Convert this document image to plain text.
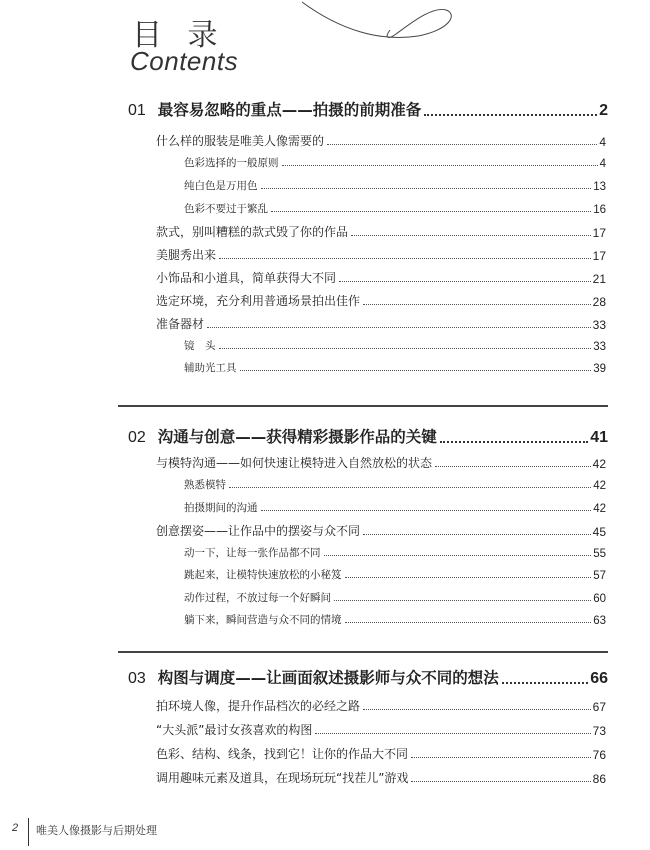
目 录
Contents
01 最容易忽略的重点——拍摄的前期准备	2
什么样的服装是唯美人像需要的	4
色彩选择的一般原则	4
纯白色是万用色	13
色彩不要过于繁乱	16
款式，别叫糟糕的款式毁了你的作品	17
美腿秀出来	17
小饰品和小道具，简单获得大不同	21
选定环境，充分利用普通场景拍出佳作	28
准备器材	33
镜　头	33
辅助光工具	39
02 沟通与创意——获得精彩摄影作品的关键	41
与模特沟通——如何快速让模特进入自然放松的状态	42
熟悉模特	42
拍摄期间的沟通	42
创意摆姿——让作品中的摆姿与众不同	45
动一下，让每一张作品都不同	55
跳起来，让模特快速放松的小秘笈	57
动作过程，不放过每一个好瞬间	60
躺下来，瞬间营造与众不同的情境	63
03 构图与调度——让画面叙述摄影师与众不同的想法	66
拍环境人像，提升作品档次的必经之路	67
“大头派”最讨女孩喜欢的构图	73
色彩、结构、线条，找到它！让你的作品大不同	76
调用趣味元素及道具，在现场玩玩“找茬儿”游戏	86
2 唯美人像摄影与后期处理
